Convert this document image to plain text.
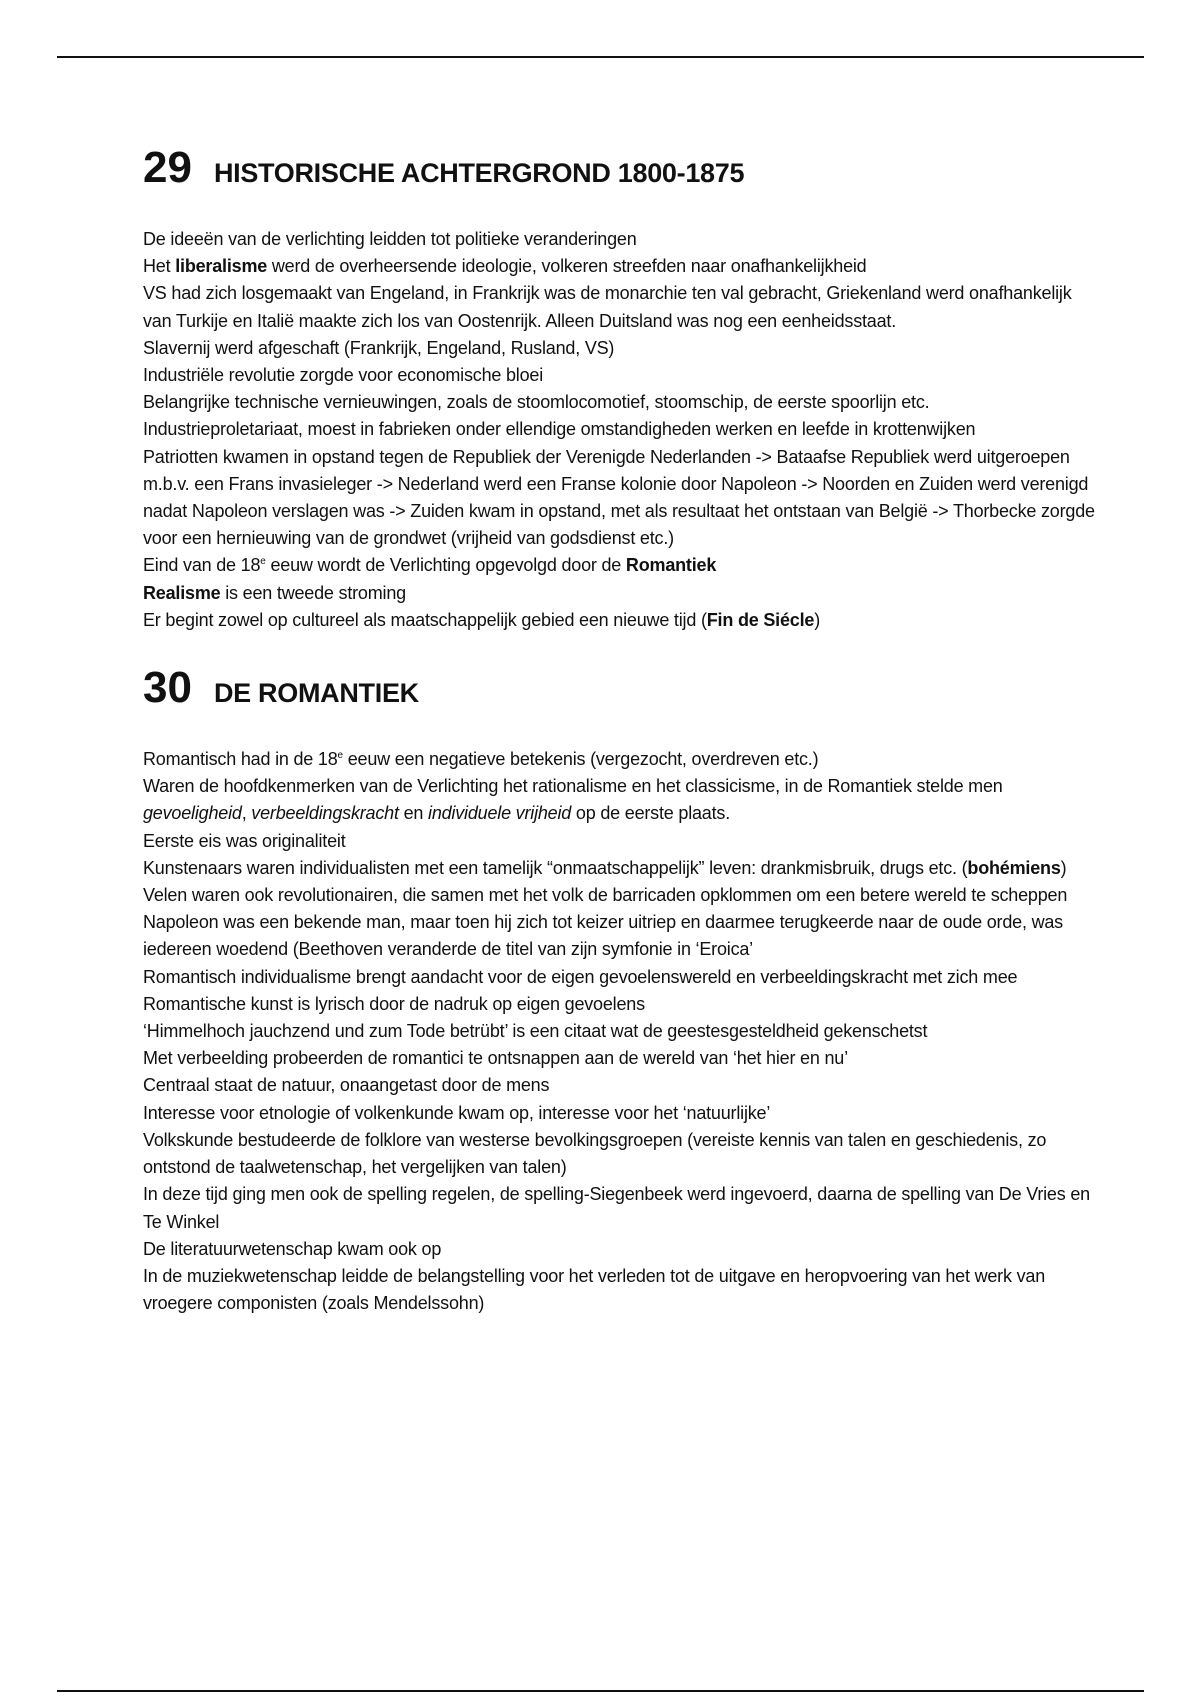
29 HISTORISCHE ACHTERGROND 1800-1875

De ideeën van de verlichting leidden tot politieke veranderingen

Het liberalisme werd de overheersende ideologie, volkeren streefden naar onafhankelijkheid

VS had zich losgemaakt van Engeland, in Frankrijk was de monarchie ten val gebracht, Griekenland werd onafhankelijk van Turkije en Italië maakte zich los van Oostenrijk. Alleen Duitsland was nog een eenheidsstaat.

Slavernij werd afgeschaft (Frankrijk, Engeland, Rusland, VS)

Industriële revolutie zorgde voor economische bloei

Belangrijke technische vernieuwingen, zoals de stoomlocomotief, stoomschip, de eerste spoorlijn etc.

Industrieproletariaat, moest in fabrieken onder ellendige omstandigheden werken en leefde in krottenwijken

Patriotten kwamen in opstand tegen de Republiek der Verenigde Nederlanden -> Bataafse Republiek werd uitgeroepen m.b.v. een Frans invasieleger -> Nederland werd een Franse kolonie door Napoleon -> Noorden en Zuiden werd verenigd nadat Napoleon verslagen was -> Zuiden kwam in opstand, met als resultaat het ontstaan van België -> Thorbecke zorgde voor een hernieuwing van de grondwet (vrijheid van godsdienst etc.)

Eind van de 18e eeuw wordt de Verlichting opgevolgd door de Romantiek

Realisme is een tweede stroming

Er begint zowel op cultureel als maatschappelijk gebied een nieuwe tijd (Fin de Siécle)

30 DE ROMANTIEK

Romantisch had in de 18e eeuw een negatieve betekenis (vergezocht, overdreven etc.)

Waren de hoofdkenmerken van de Verlichting het rationalisme en het classicisme, in de Romantiek stelde men gevoeligheid, verbeeldingskracht en individuele vrijheid op de eerste plaats.

Eerste eis was originaliteit

Kunstenaars waren individualisten met een tamelijk “onmaatschappelijk” leven: drankmisbruik, drugs etc. (bohémiens)

Velen waren ook revolutionairen, die samen met het volk de barricaden opklommen om een betere wereld te scheppen

Napoleon was een bekende man, maar toen hij zich tot keizer uitriep en daarmee terugkeerde naar de oude orde, was iedereen woedend (Beethoven veranderde de titel van zijn symfonie in ‘Eroica’

Romantisch individualisme brengt aandacht voor de eigen gevoelenswereld en verbeeldingskracht met zich mee

Romantische kunst is lyrisch door de nadruk op eigen gevoelens

‘Himmelhoch jauchzend und zum Tode betrübt’ is een citaat wat de geestesgesteldheid gekenschetst

Met verbeelding probeerden de romantici te ontsnappen aan de wereld van ‘het hier en nu’

Centraal staat de natuur, onaangetast door de mens

Interesse voor etnologie of volkenkunde kwam op, interesse voor het ‘natuurlijke’

Volkskunde bestudeerde de folklore van westerse bevolkingsgroepen (vereiste kennis van talen en geschiedenis, zo ontstond de taalwetenschap, het vergelijken van talen)

In deze tijd ging men ook de spelling regelen, de spelling-Siegenbeek werd ingevoerd, daarna de spelling van De Vries en Te Winkel

De literatuurwetenschap kwam ook op

In de muziekwetenschap leidde de belangstelling voor het verleden tot de uitgave en heropvoering van het werk van vroegere componisten (zoals Mendelssohn)
